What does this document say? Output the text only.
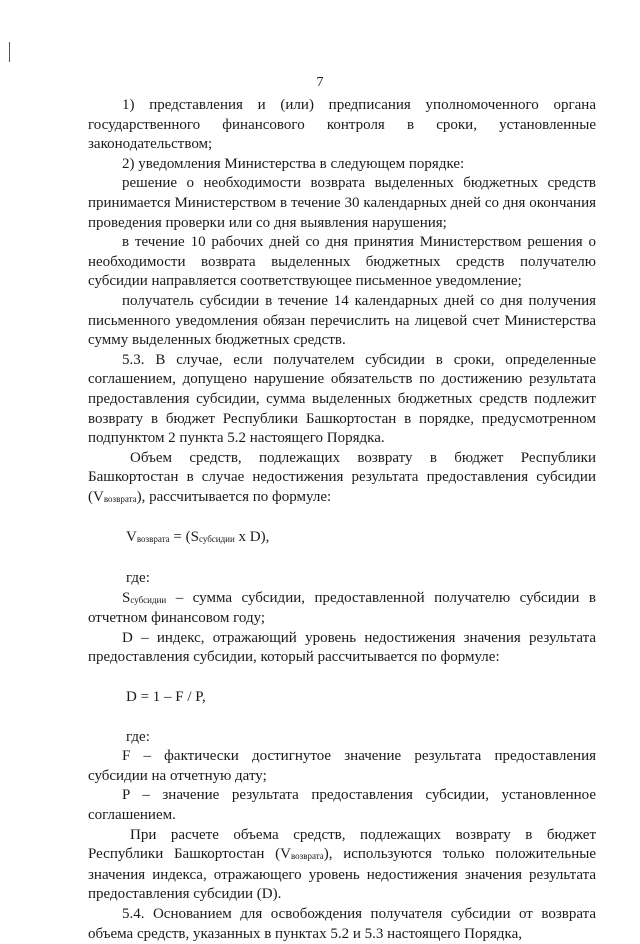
7

1) представления и (или) предписания уполномоченного органа государственного финансового контроля в сроки, установленные законодательством;

2) уведомления Министерства в следующем порядке:

решение о необходимости возврата выделенных бюджетных средств принимается Министерством в течение 30 календарных дней со дня окончания проведения проверки или со дня выявления нарушения;

в течение 10 рабочих дней со дня принятия Министерством решения о необходимости возврата выделенных бюджетных средств получателю субсидии направляется соответствующее письменное уведомление;

получатель субсидии в течение 14 календарных дней со дня получения письменного уведомления обязан перечислить на лицевой счет Министерства сумму выделенных бюджетных средств.

5.3. В случае, если получателем субсидии в сроки, определенные соглашением, допущено нарушение обязательств по достижению результата предоставления субсидии, сумма выделенных бюджетных средств подлежит возврату в бюджет Республики Башкортостан в порядке, предусмотренном подпунктом 2 пункта 5.2 настоящего Порядка.

Объем средств, подлежащих возврату в бюджет Республики Башкортостан в случае недостижения результата предоставления субсидии $(V_{возврата})$, рассчитывается по формуле:

$V_{возврата} = (S_{субсидии}$ x D),

где:

$S_{субсидии}$ – сумма субсидии, предоставленной получателю субсидии в отчетном финансовом году;

D – индекс, отражающий уровень недостижения значения результата предоставления субсидии, который рассчитывается по формуле:

D = 1 – F / P,

где:

F – фактически достигнутое значение результата предоставления субсидии на отчетную дату;

P – значение результата предоставления субсидии, установленное соглашением.

При расчете объема средств, подлежащих возврату в бюджет Республики Башкортостан $(V_{возврата})$, используются только положительные значения индекса, отражающего уровень недостижения значения результата предоставления субсидии (D).

5.4. Основанием для освобождения получателя субсидии от возврата объема средств, указанных в пунктах 5.2 и 5.3 настоящего Порядка,
